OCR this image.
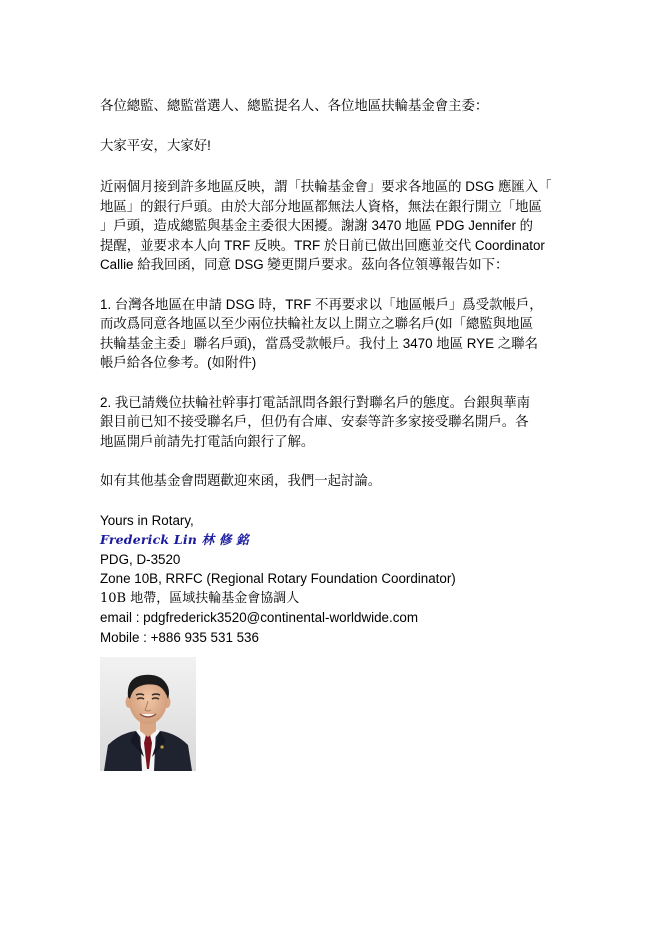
各位總監、總監當選人、總監提名人、各位地區扶輪基金會主委：

大家平安，大家好!

近兩個月接到許多地區反映，謂「扶輪基金會」要求各地區的 DSG 應匯入「
地區」的銀行戶頭。由於大部分地區都無法人資格，無法在銀行開立「地區
」戶頭，造成總監與基金主委很大困擾。謝謝 3470 地區 PDG Jennifer 的
提醒，並要求本人向 TRF 反映。TRF 於日前已做出回應並交代 Coordinator
Callie 給我回函，同意 DSG 變更開戶要求。茲向各位領導報告如下：

1. 台灣各地區在申請 DSG 時，TRF 不再要求以「地區帳戶」爲受款帳戶，
而改爲同意各地區以至少兩位扶輪社友以上開立之聯名戶(如「總監與地區
扶輪基金主委」聯名戶頭)，當爲受款帳戶。我付上 3470 地區 RYE 之聯名
帳戶給各位參考。(如附件)

2. 我已請幾位扶輪社幹事打電話訊問各銀行對聯名戶的態度。台銀與華南
銀目前已知不接受聯名戶，但仍有合庫、安泰等許多家接受聯名開戶。各
地區開戶前請先打電話向銀行了解。

如有其他基金會問題歡迎來函，我們一起討論。

Yours in Rotary,
Frederick Lin 林 修 銘
PDG, D-3520
Zone 10B, RRFC (Regional Rotary Foundation Coordinator)
10B 地帶，區域扶輪基金會協調人
email : pdgfrederick3520@continental-worldwide.com
Mobile : +886 935 531 536
